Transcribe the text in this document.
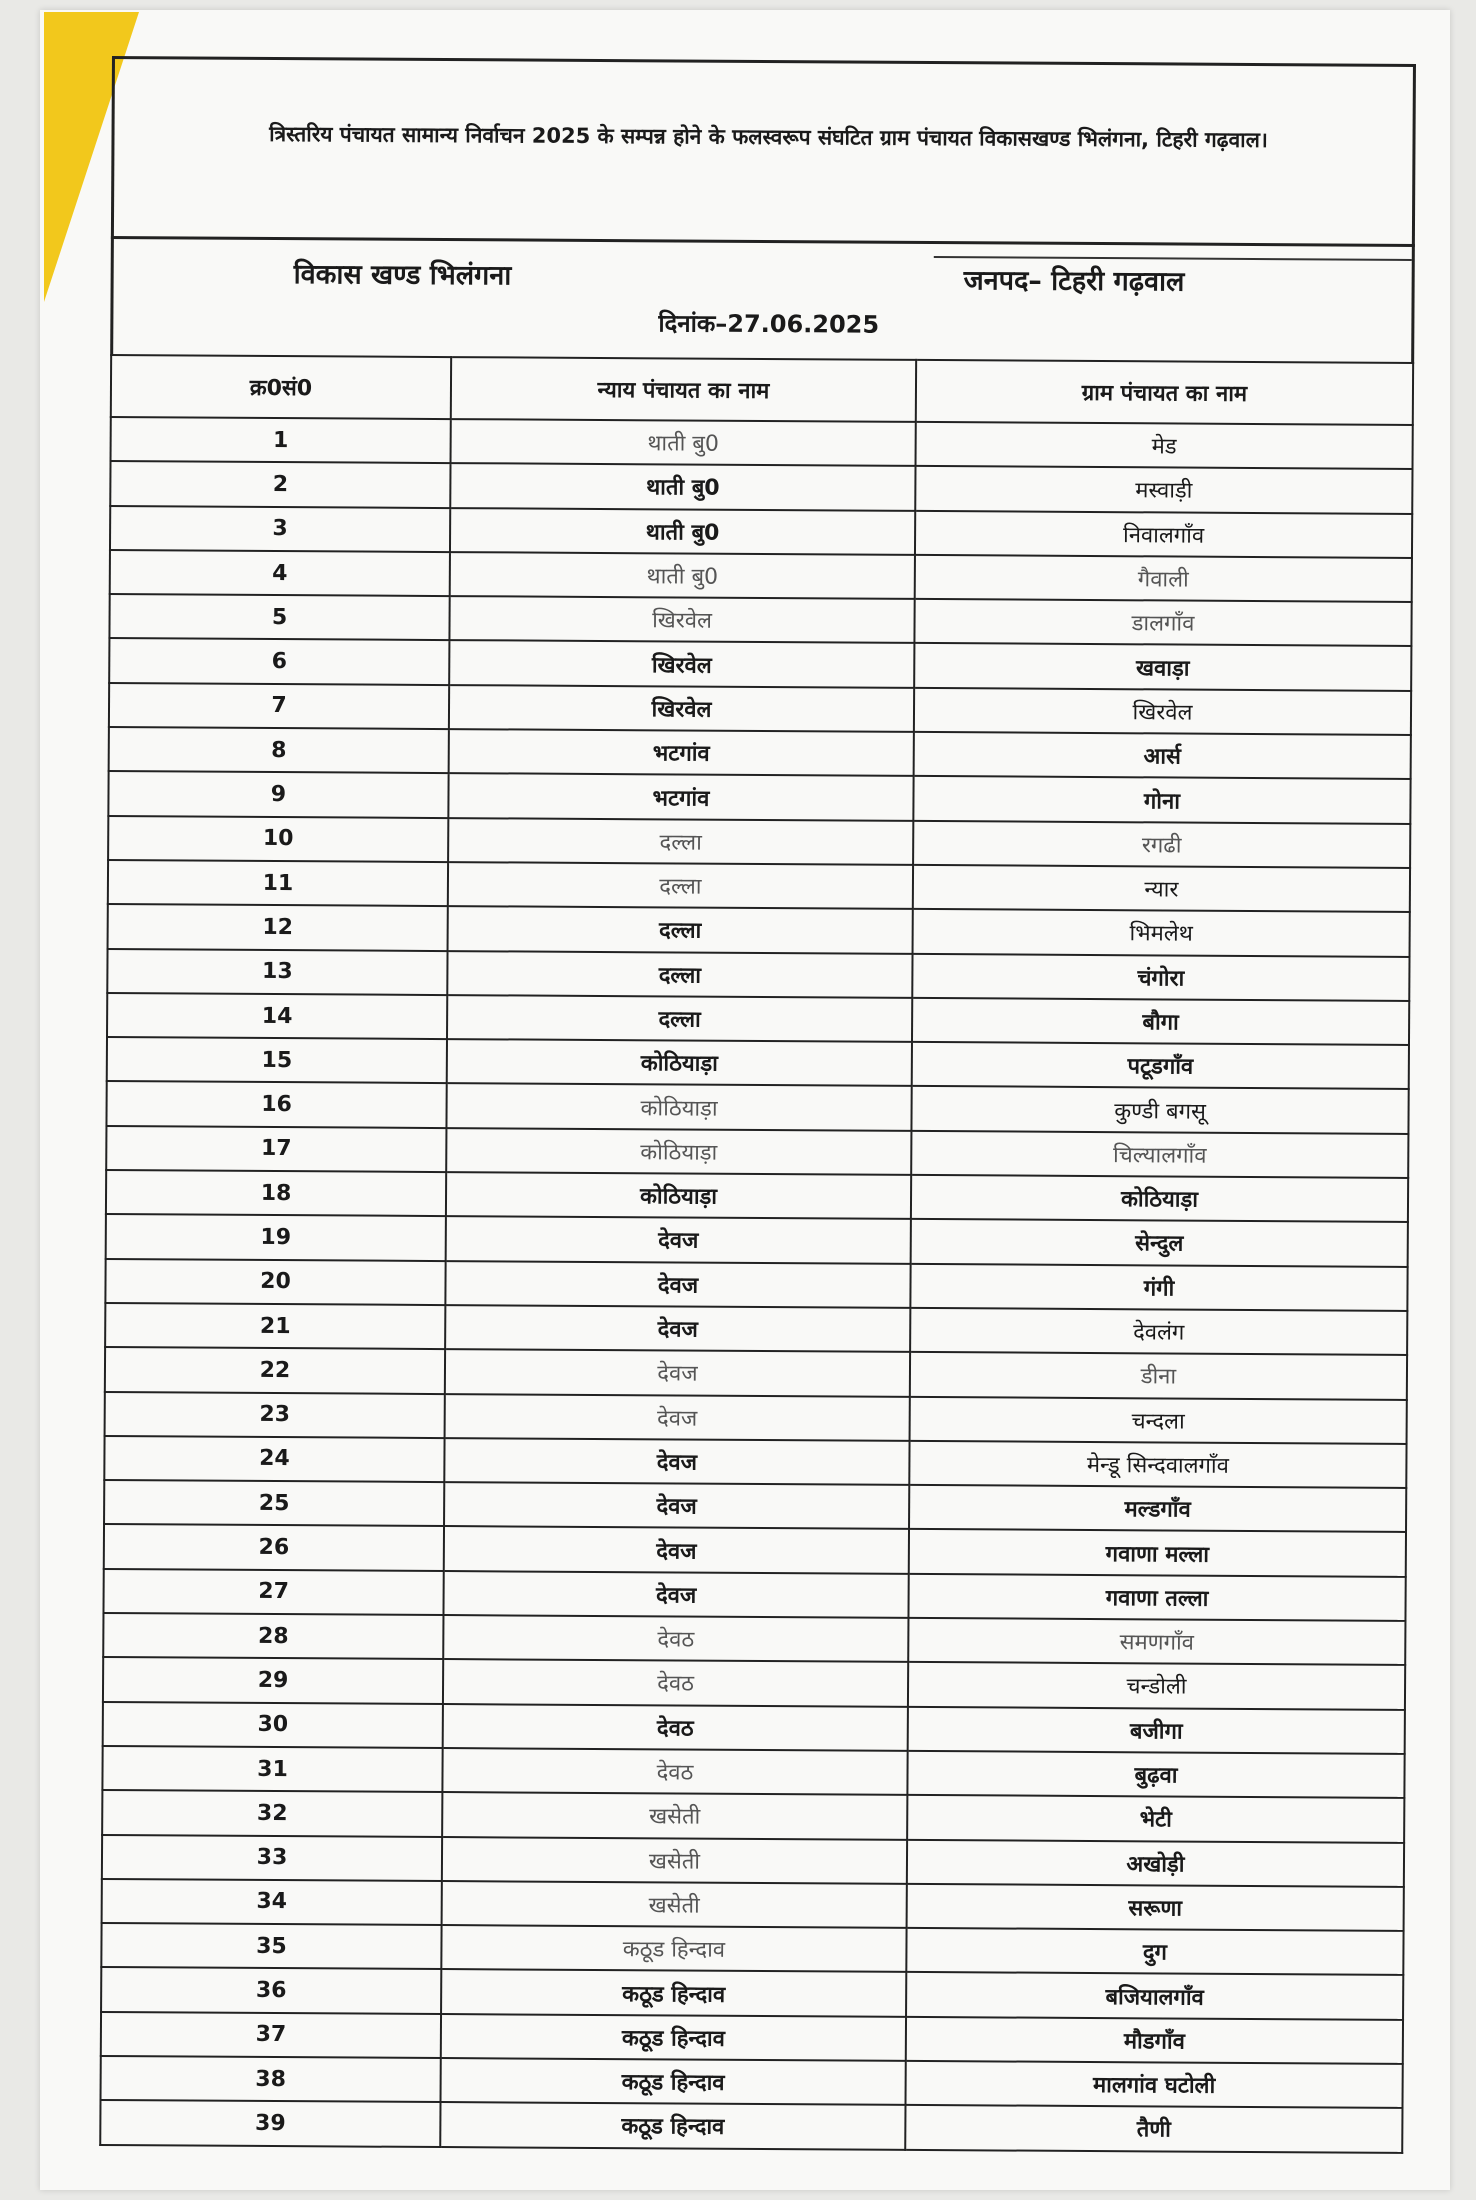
त्रिस्तरिय पंचायत सामान्य निर्वाचन 2025 के सम्पन्न होने के फलस्वरूप संघटित ग्राम पंचायत विकासखण्ड भिलंगना, टिहरी गढ़वाल।
विकास खण्ड भिलंगना	जनपद– टिहरी गढ़वाल
दिनांक–27.06.2025
क्र0सं0	न्याय पंचायत का नाम	ग्राम पंचायत का नाम
1	थाती बु0	मेड
2	थाती बु0	मस्वाड़ी
3	थाती बु0	निवालगाँव
4	थाती बु0	गैवाली
5	खिरवेल	डालगाँव
6	खिरवेल	खवाड़ा
7	खिरवेल	खिरवेल
8	भटगांव	आर्स
9	भटगांव	गोना
10	दल्ला	रगढी
11	दल्ला	न्यार
12	दल्ला	भिमलेथ
13	दल्ला	चंगोरा
14	दल्ला	बौगा
15	कोठियाड़ा	पटूडगाँव
16	कोठियाड़ा	कुण्डी बगसू
17	कोठियाड़ा	चिल्यालगाँव
18	कोठियाड़ा	कोठियाड़ा
19	देवज	सेन्दुल
20	देवज	गंगी
21	देवज	देवलंग
22	देवज	डीना
23	देवज	चन्दला
24	देवज	मेन्डू सिन्दवालगाँव
25	देवज	मल्डगाँव
26	देवज	गवाणा मल्ला
27	देवज	गवाणा तल्ला
28	देवठ	समणगाँव
29	देवठ	चन्डोली
30	देवठ	बजीगा
31	देवठ	बुढ़वा
32	खसेती	भेटी
33	खसेती	अखोड़ी
34	खसेती	सरूणा
35	कठूड हिन्दाव	दुग
36	कठूड हिन्दाव	बजियालगाँव
37	कठूड हिन्दाव	मौडगाँव
38	कठूड हिन्दाव	मालगांव घटोली
39	कठूड हिन्दाव	तैणी
